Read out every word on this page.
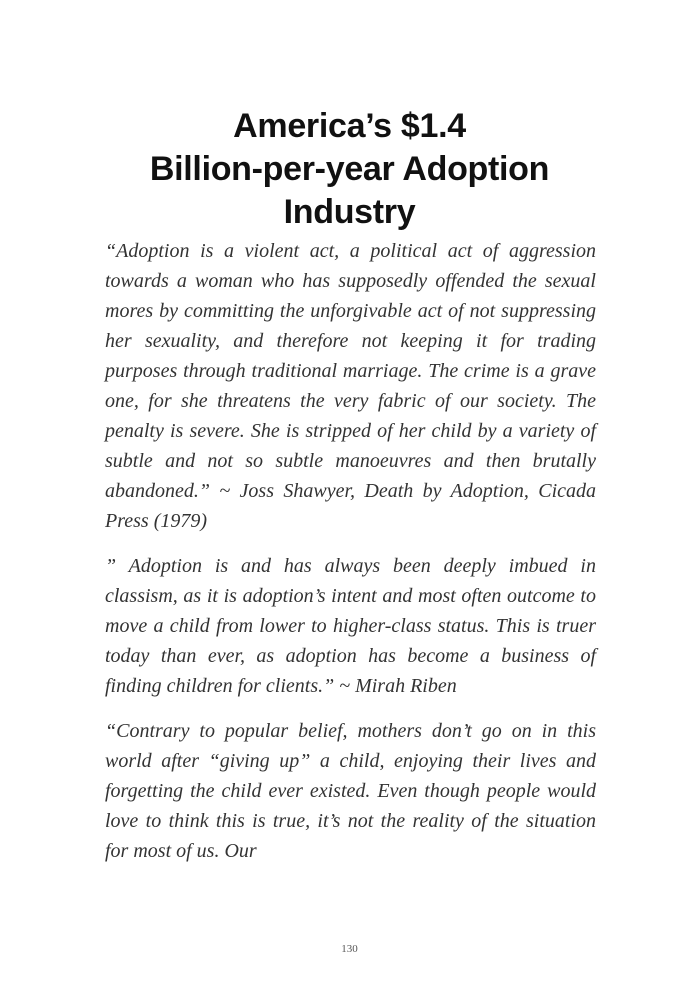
America’s $1.4
Billion-per-year Adoption
Industry

“Adoption is a violent act, a political act of aggression towards a woman who has supposedly offended the sexual mores by committing the unforgivable act of not suppressing her sexuality, and therefore not keeping it for trading purposes through traditional marriage. The crime is a grave one, for she threatens the very fabric of our society. The penalty is severe. She is stripped of her child by a variety of subtle and not so subtle manoeuvres and then brutally abandoned.” ~ Joss Shawyer, Death by Adoption, Cicada Press (1979)

” Adoption is and has always been deeply imbued in classism, as it is adoption’s intent and most often outcome to move a child from lower to higher-class status. This is truer today than ever, as adoption has become a business of finding children for clients.” ~ Mirah Riben

“Contrary to popular belief, mothers don’t go on in this world after “giving up” a child, enjoying their lives and forgetting the child ever existed. Even though people would love to think this is true, it’s not the reality of the situation for most of us. Our

130
